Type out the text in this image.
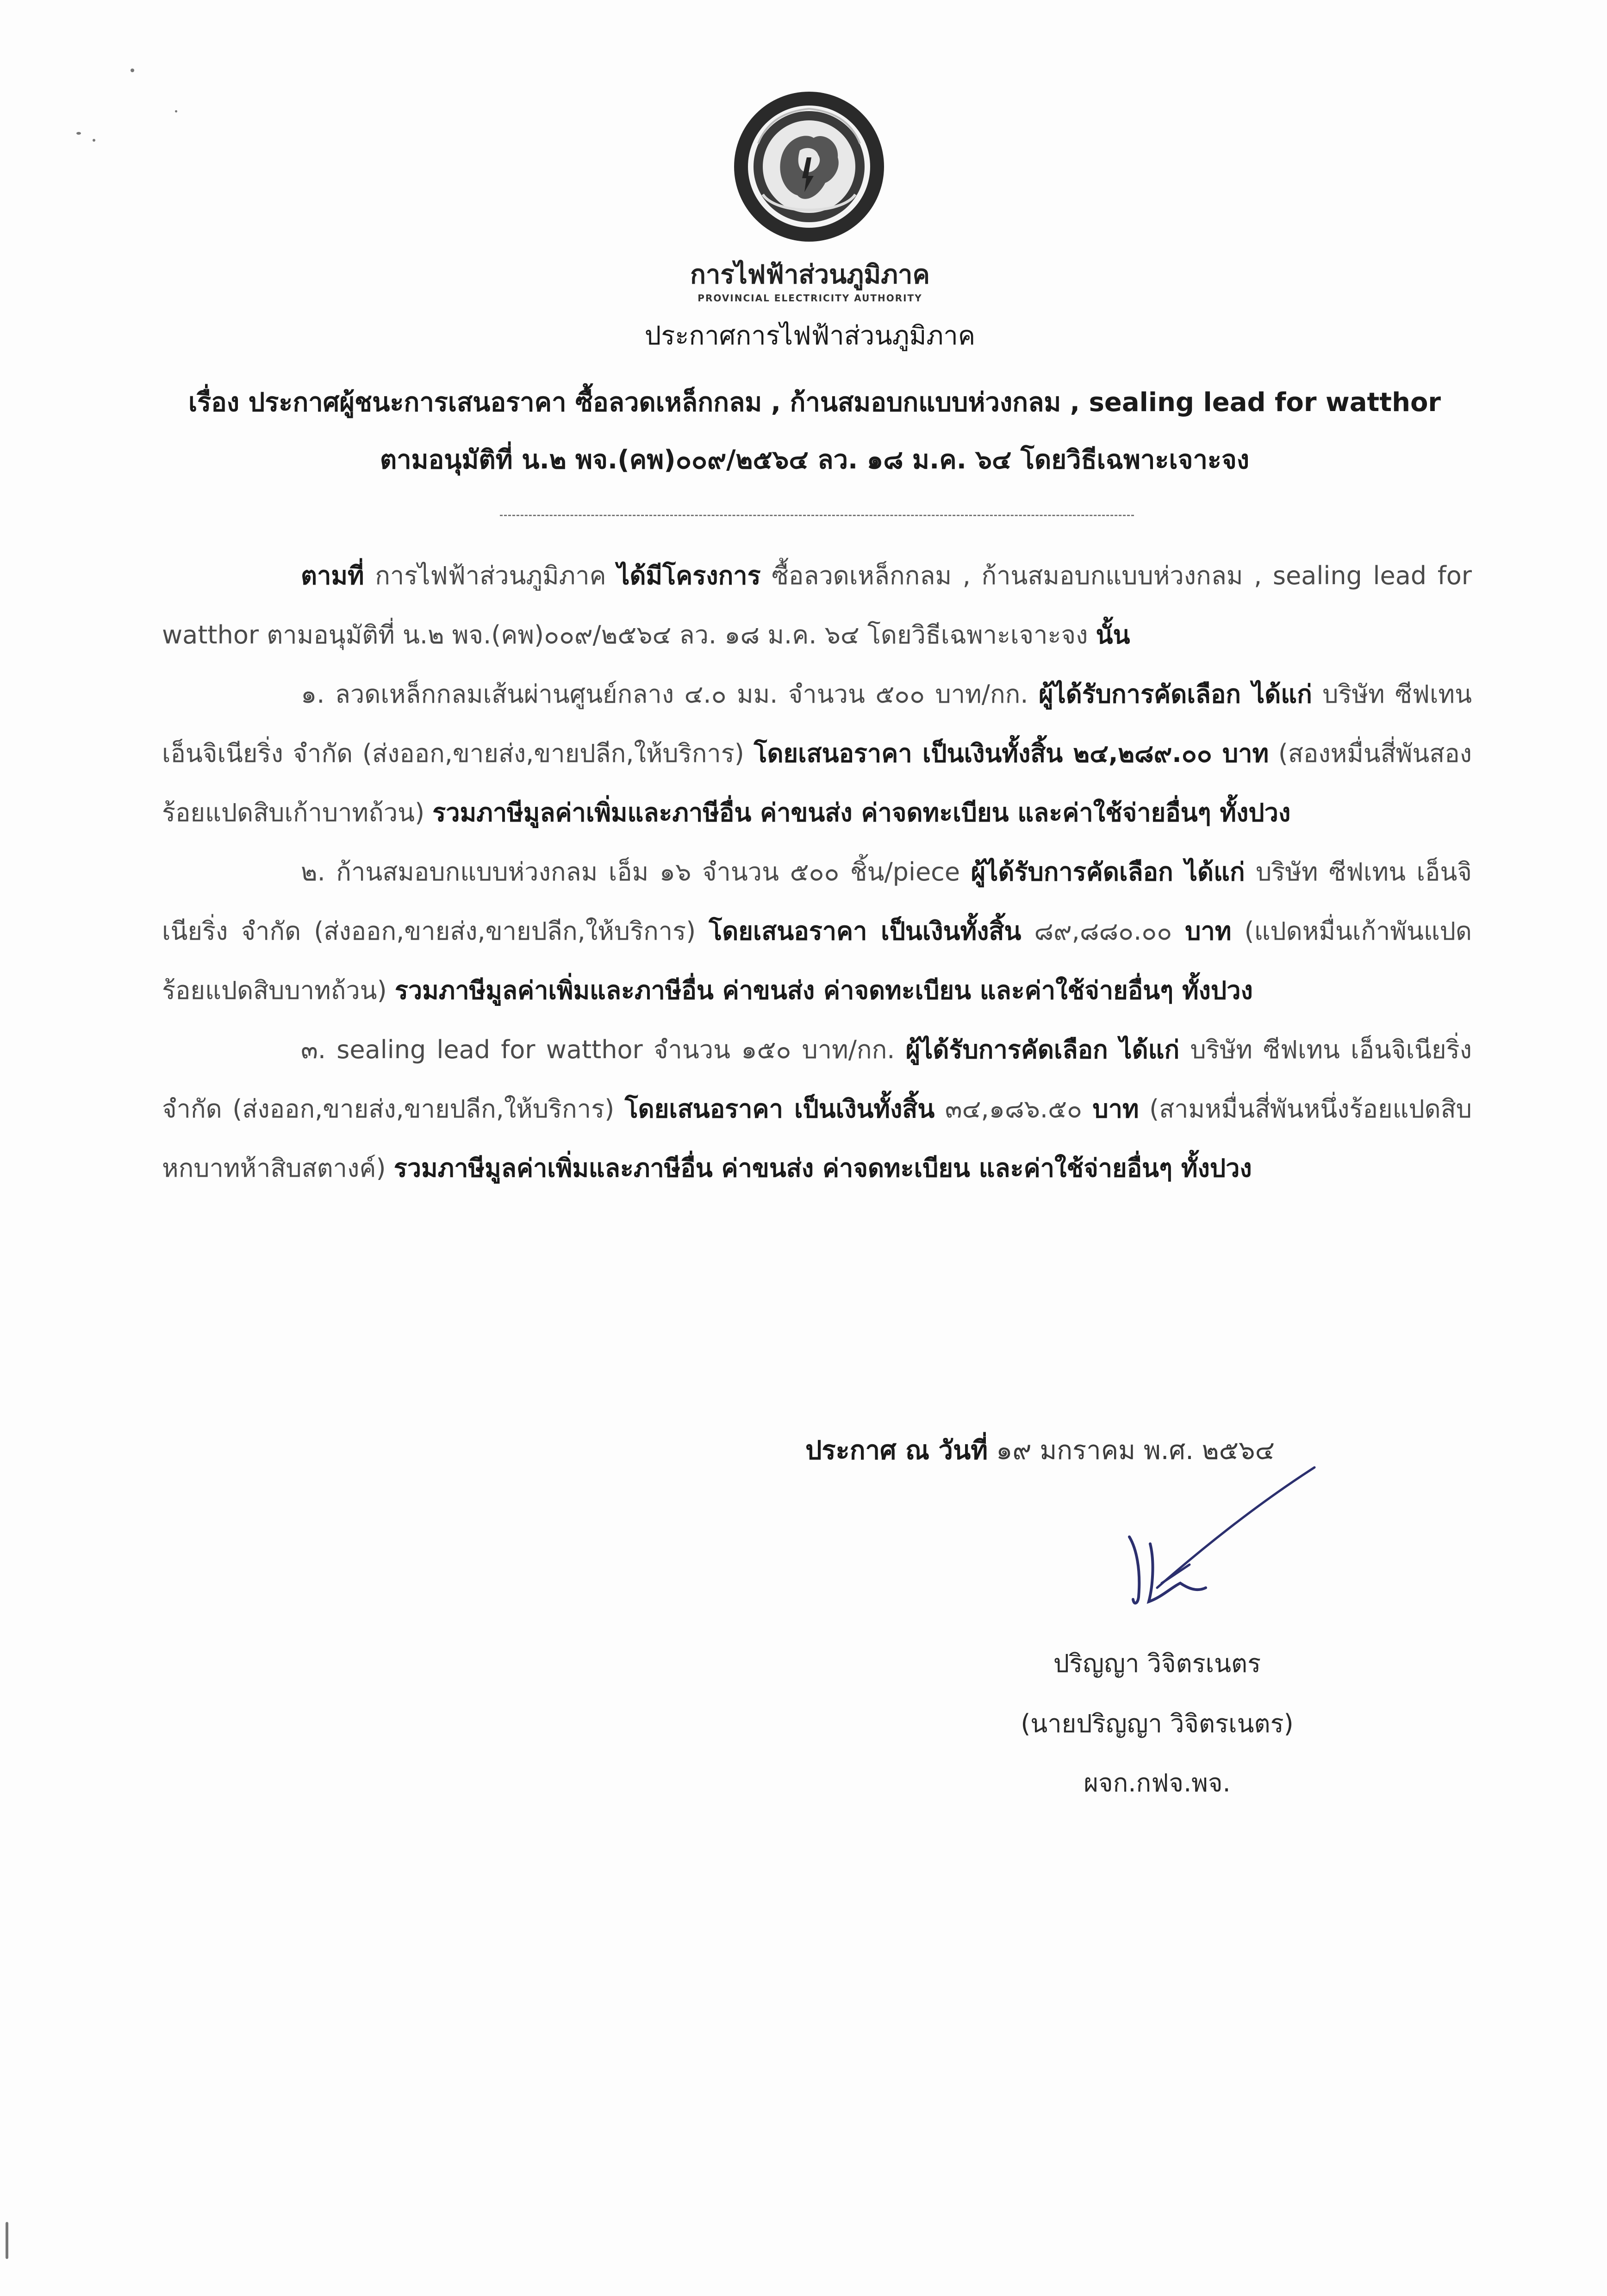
การไฟฟ้าส่วนภูมิภาค
PROVINCIAL ELECTRICITY AUTHORITY
ประกาศการไฟฟ้าส่วนภูมิภาค
เรื่อง ประกาศผู้ชนะการเสนอราคา ซื้อลวดเหล็กกลม , ก้านสมอบกแบบห่วงกลม , sealing lead for watthor
ตามอนุมัติที่ น.๒ พจ.(คพ)๐๐๙/๒๕๖๔ ลว. ๑๘ ม.ค. ๖๔ โดยวิธีเฉพาะเจาะจง

ตามที่ การไฟฟ้าส่วนภูมิภาค ได้มีโครงการ ซื้อลวดเหล็กกลม , ก้านสมอบกแบบห่วงกลม , sealing lead for watthor ตามอนุมัติที่ น.๒ พจ.(คพ)๐๐๙/๒๕๖๔ ลว. ๑๘ ม.ค. ๖๔ โดยวิธีเฉพาะเจาะจง นั้น

๑. ลวดเหล็กกลมเส้นผ่านศูนย์กลาง ๔.๐ มม. จำนวน ๕๐๐ บาท/กก. ผู้ได้รับการคัดเลือก ได้แก่ บริษัท ซีฟเทน เอ็นจิเนียริ่ง จำกัด (ส่งออก,ขายส่ง,ขายปลีก,ให้บริการ) โดยเสนอราคา เป็นเงินทั้งสิ้น ๒๔,๒๘๙.๐๐ บาท (สองหมื่นสี่พันสองร้อยแปดสิบเก้าบาทถ้วน) รวมภาษีมูลค่าเพิ่มและภาษีอื่น ค่าขนส่ง ค่าจดทะเบียน และค่าใช้จ่ายอื่นๆ ทั้งปวง

๒. ก้านสมอบกแบบห่วงกลม เอ็ม ๑๖ จำนวน ๕๐๐ ชิ้น/piece ผู้ได้รับการคัดเลือก ได้แก่ บริษัท ซีฟเทน เอ็นจิเนียริ่ง จำกัด (ส่งออก,ขายส่ง,ขายปลีก,ให้บริการ) โดยเสนอราคา เป็นเงินทั้งสิ้น ๘๙,๘๘๐.๐๐ บาท (แปดหมื่นเก้าพันแปดร้อยแปดสิบบาทถ้วน) รวมภาษีมูลค่าเพิ่มและภาษีอื่น ค่าขนส่ง ค่าจดทะเบียน และค่าใช้จ่ายอื่นๆ ทั้งปวง

๓. sealing lead for watthor จำนวน ๑๕๐ บาท/กก. ผู้ได้รับการคัดเลือก ได้แก่ บริษัท ซีฟเทน เอ็นจิเนียริ่ง จำกัด (ส่งออก,ขายส่ง,ขายปลีก,ให้บริการ) โดยเสนอราคา เป็นเงินทั้งสิ้น ๓๔,๑๘๖.๕๐ บาท (สามหมื่นสี่พันหนึ่งร้อยแปดสิบหกบาทห้าสิบสตางค์) รวมภาษีมูลค่าเพิ่มและภาษีอื่น ค่าขนส่ง ค่าจดทะเบียน และค่าใช้จ่ายอื่นๆ ทั้งปวง

ประกาศ ณ วันที่ ๑๙ มกราคม พ.ศ. ๒๕๖๔
ปริญญา วิจิตรเนตร
(นายปริญญา วิจิตรเนตร)
ผจก.กฟจ.พจ.
